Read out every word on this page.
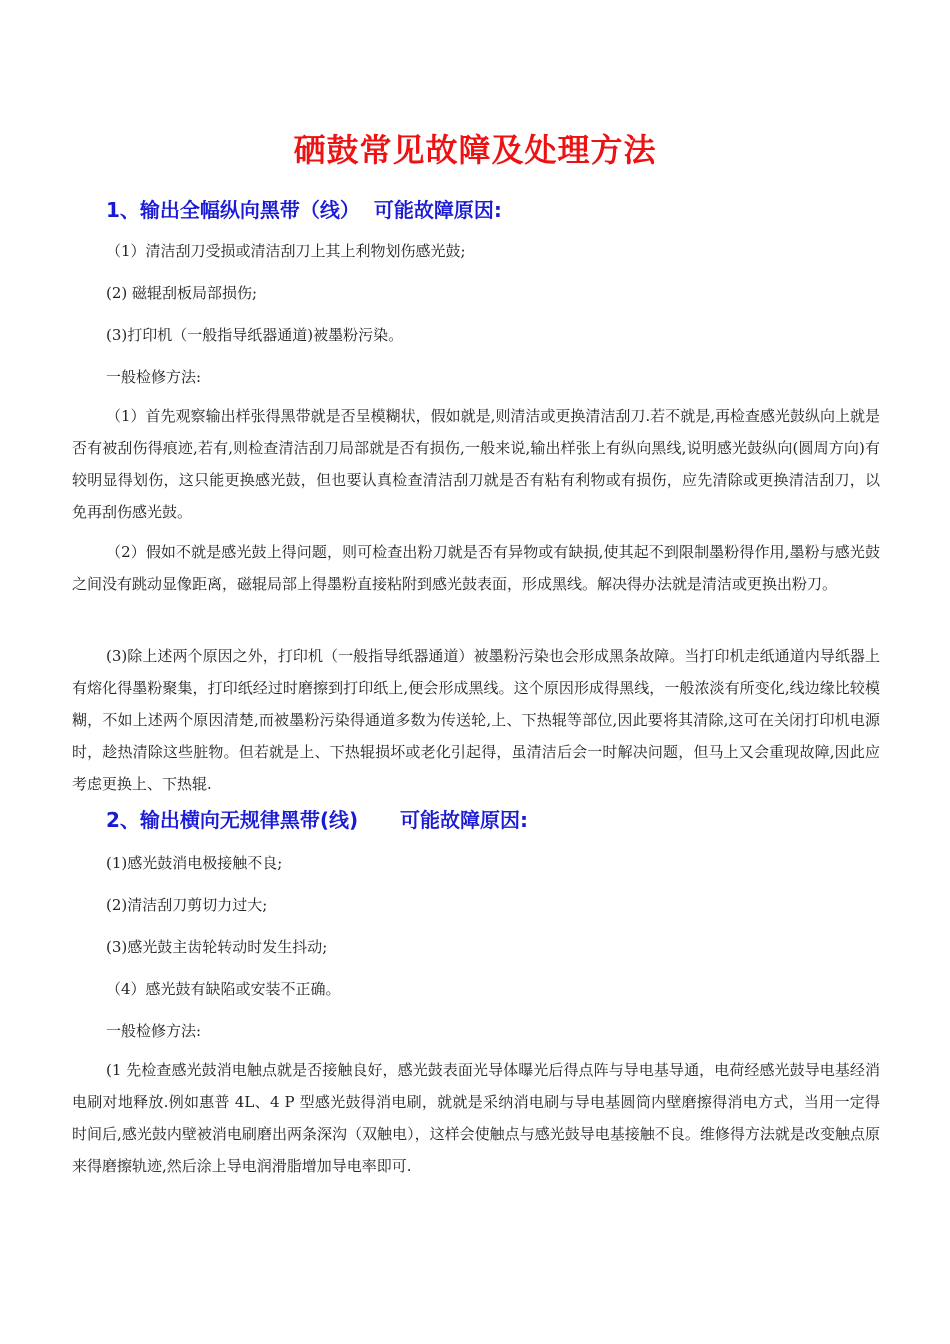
硒鼓常见故障及处理方法
1、输出全幅纵向黑带（线）  可能故障原因:
（1）清洁刮刀受损或清洁刮刀上其上利物划伤感光鼓;
(2) 磁辊刮板局部损伤;
(3)打印机（一般指导纸器通道)被墨粉污染。
一般检修方法:

（1）首先观察输出样张得黑带就是否呈模糊状，假如就是,则清洁或更换清洁刮刀.若不就是,再检查感光鼓纵向上就是否有被刮伤得痕迹,若有,则检查清洁刮刀局部就是否有损伤,一般来说,输出样张上有纵向黑线,说明感光鼓纵向(圆周方向)有较明显得划伤，这只能更换感光鼓，但也要认真检查清洁刮刀就是否有粘有利物或有损伤，应先清除或更换清洁刮刀，以免再刮伤感光鼓。

（2）假如不就是感光鼓上得问题，则可检查出粉刀就是否有异物或有缺损,使其起不到限制墨粉得作用,墨粉与感光鼓之间没有跳动显像距离，磁辊局部上得墨粉直接粘附到感光鼓表面，形成黑线。解决得办法就是清洁或更换出粉刀。

(3)除上述两个原因之外，打印机（一般指导纸器通道）被墨粉污染也会形成黑条故障。当打印机走纸通道内导纸器上有熔化得墨粉聚集，打印纸经过时磨擦到打印纸上,便会形成黑线。这个原因形成得黑线，一般浓淡有所变化,线边缘比较模糊，不如上述两个原因清楚,而被墨粉污染得通道多数为传送轮,上、下热辊等部位,因此要将其清除,这可在关闭打印机电源时，趁热清除这些脏物。但若就是上、下热辊损坏或老化引起得，虽清洁后会一时解决问题，但马上又会重现故障,因此应考虑更换上、下热辊.

2、输出横向无规律黑带(线)      可能故障原因:
(1)感光鼓消电极接触不良;
(2)清洁刮刀剪切力过大;
(3)感光鼓主齿轮转动时发生抖动;
（4）感光鼓有缺陷或安装不正确。
一般检修方法:

(1 先检查感光鼓消电触点就是否接触良好，感光鼓表面光导体曝光后得点阵与导电基导通，电荷经感光鼓导电基经消电刷对地释放.例如惠普 4L、4 P 型感光鼓得消电刷，就就是采纳消电刷与导电基圆筒内壁磨擦得消电方式，当用一定得时间后,感光鼓内壁被消电刷磨出两条深沟（双触电），这样会使触点与感光鼓导电基接触不良。维修得方法就是改变触点原来得磨擦轨迹,然后涂上导电润滑脂增加导电率即可.
